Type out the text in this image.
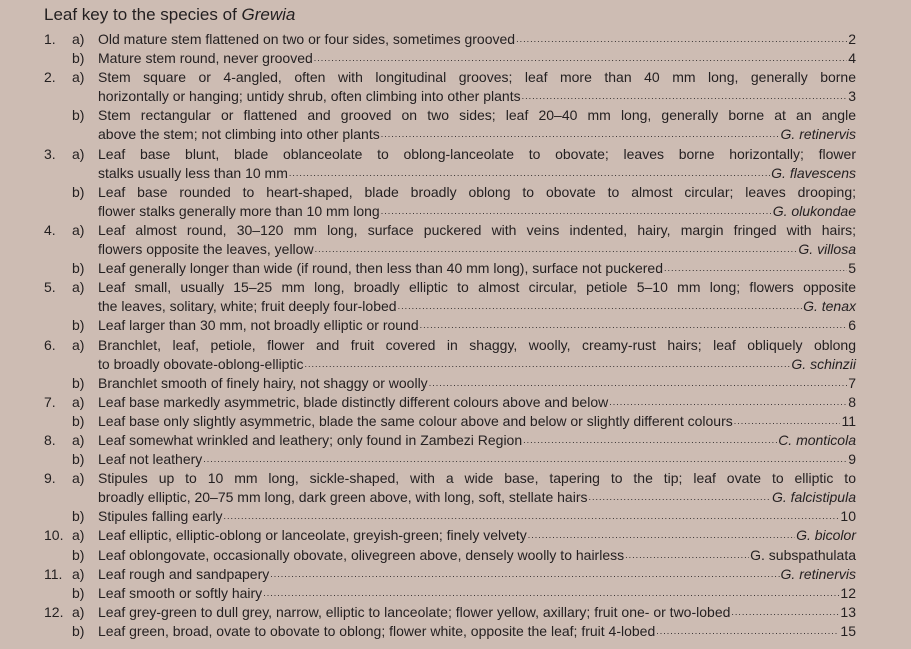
Leaf key to the species of Grewia
1. a) Old mature stem flattened on two or four sides, sometimes grooved .....	2
b) Mature stem round, never grooved .....	4
2. a) Stem square or 4-angled, often with longitudinal grooves; leaf more than 40 mm long, generally borne
horizontally or hanging; untidy shrub, often climbing into other plants .....	3
b) Stem rectangular or flattened and grooved on two sides; leaf 20–40 mm long, generally borne at an angle
above the stem; not climbing into other plants .....	G. retinervis
3. a) Leaf base blunt, blade oblanceolate to oblong-lanceolate to obovate; leaves borne horizontally; flower
stalks usually less than 10 mm .....	G. flavescens
b) Leaf base rounded to heart-shaped, blade broadly oblong to obovate to almost circular; leaves drooping;
flower stalks generally more than 10 mm long .....	G. olukondae
4. a) Leaf almost round, 30–120 mm long, surface puckered with veins indented, hairy, margin fringed with hairs;
flowers opposite the leaves, yellow .....	G. villosa
b) Leaf generally longer than wide (if round, then less than 40 mm long), surface not puckered .....	5
5. a) Leaf small, usually 15–25 mm long, broadly elliptic to almost circular, petiole 5–10 mm long; flowers opposite
the leaves, solitary, white; fruit deeply four-lobed .....	G. tenax
b) Leaf larger than 30 mm, not broadly elliptic or round .....	6
6. a) Branchlet, leaf, petiole, flower and fruit covered in shaggy, woolly, creamy-rust hairs; leaf obliquely oblong
to broadly obovate-oblong-elliptic .....	G. schinzii
b) Branchlet smooth of finely hairy, not shaggy or woolly .....	7
7. a) Leaf base markedly asymmetric, blade distinctly different colours above and below .....	8
b) Leaf base only slightly asymmetric, blade the same colour above and below or slightly different colours .....	11
8. a) Leaf somewhat wrinkled and leathery; only found in Zambezi Region .....	C. monticola
b) Leaf not leathery .....	9
9. a) Stipules up to 10 mm long, sickle-shaped, with a wide base, tapering to the tip; leaf ovate to elliptic to
broadly elliptic, 20–75 mm long, dark green above, with long, soft, stellate hairs .....	G. falcistipula
b) Stipules falling early .....	10
10. a) Leaf elliptic, elliptic-oblong or lanceolate, greyish-green; finely velvety .....	G. bicolor
b) Leaf oblongovate, occasionally obovate, olivegreen above, densely woolly to hairless .....	G. subspathulata
11. a) Leaf rough and sandpapery .....	G. retinervis
b) Leaf smooth or softly hairy .....	12
12. a) Leaf grey-green to dull grey, narrow, elliptic to lanceolate; flower yellow, axillary; fruit one- or two-lobed .....	13
b) Leaf green, broad, ovate to obovate to oblong; flower white, opposite the leaf; fruit 4-lobed .....	15
